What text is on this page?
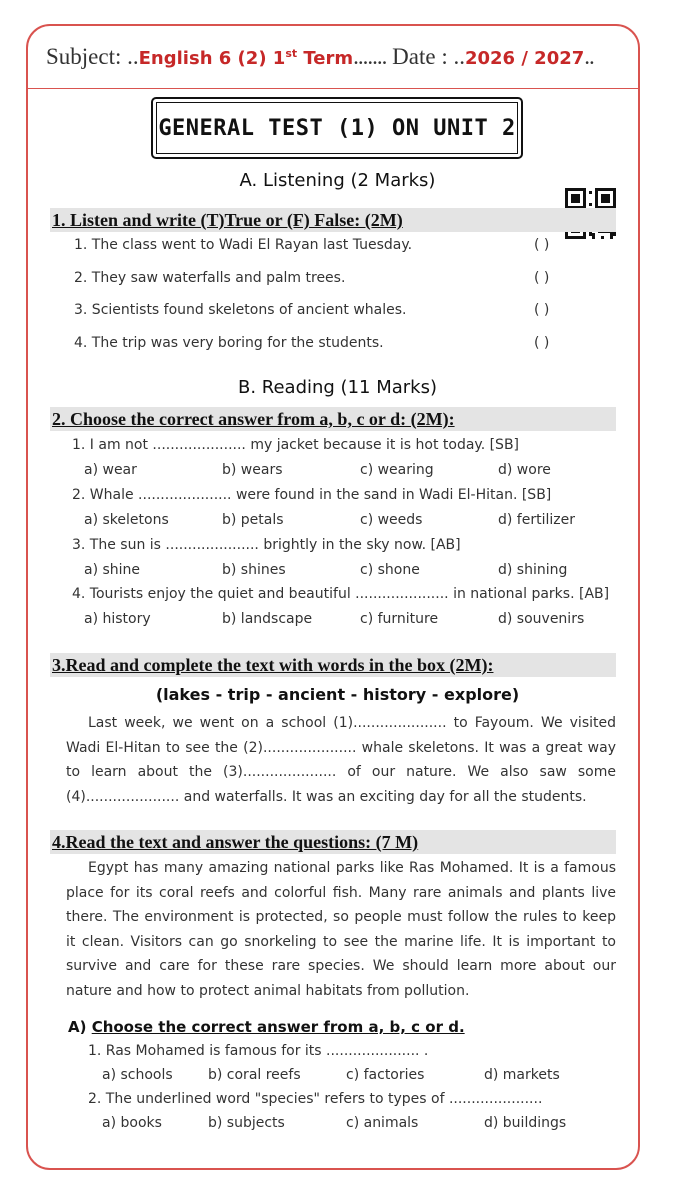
Subject: ..English 6 (2) 1st Term....... Date : ..2026 / 2027..
GENERAL TEST (1) ON UNIT 2
A. Listening (2 Marks)
1. Listen and write (T)True or (F) False: (2M)
1. The class went to Wadi El Rayan last Tuesday.	( )
2. They saw waterfalls and palm trees.	( )
3. Scientists found skeletons of ancient whales.	( )
4. The trip was very boring for the students.	( )
B. Reading (11 Marks)
2. Choose the correct answer from a, b, c or d: (2M):
1. I am not ..................... my jacket because it is hot today. [SB]
a) wear	b) wears	c) wearing	d) wore
2. Whale ..................... were found in the sand in Wadi El-Hitan. [SB]
a) skeletons	b) petals	c) weeds	d) fertilizer
3. The sun is ..................... brightly in the sky now. [AB]
a) shine	b) shines	c) shone	d) shining
4. Tourists enjoy the quiet and beautiful ..................... in national parks. [AB]
a) history	b) landscape	c) furniture	d) souvenirs
3.Read and complete the text with words in the box (2M):
(lakes - trip - ancient - history - explore)
Last week, we went on a school (1)..................... to Fayoum. We visited Wadi El-Hitan to see the (2)..................... whale skeletons. It was a great way to learn about the (3)..................... of our nature. We also saw some (4)..................... and waterfalls. It was an exciting day for all the students.
4.Read the text and answer the questions: (7 M)
Egypt has many amazing national parks like Ras Mohamed. It is a famous place for its coral reefs and colorful fish. Many rare animals and plants live there. The environment is protected, so people must follow the rules to keep it clean. Visitors can go snorkeling to see the marine life. It is important to survive and care for these rare species. We should learn more about our nature and how to protect animal habitats from pollution.
A) Choose the correct answer from a, b, c or d.
1. Ras Mohamed is famous for its ..................... .
a) schools	b) coral reefs	c) factories	d) markets
2. The underlined word "species" refers to types of .....................
a) books	b) subjects	c) animals	d) buildings
